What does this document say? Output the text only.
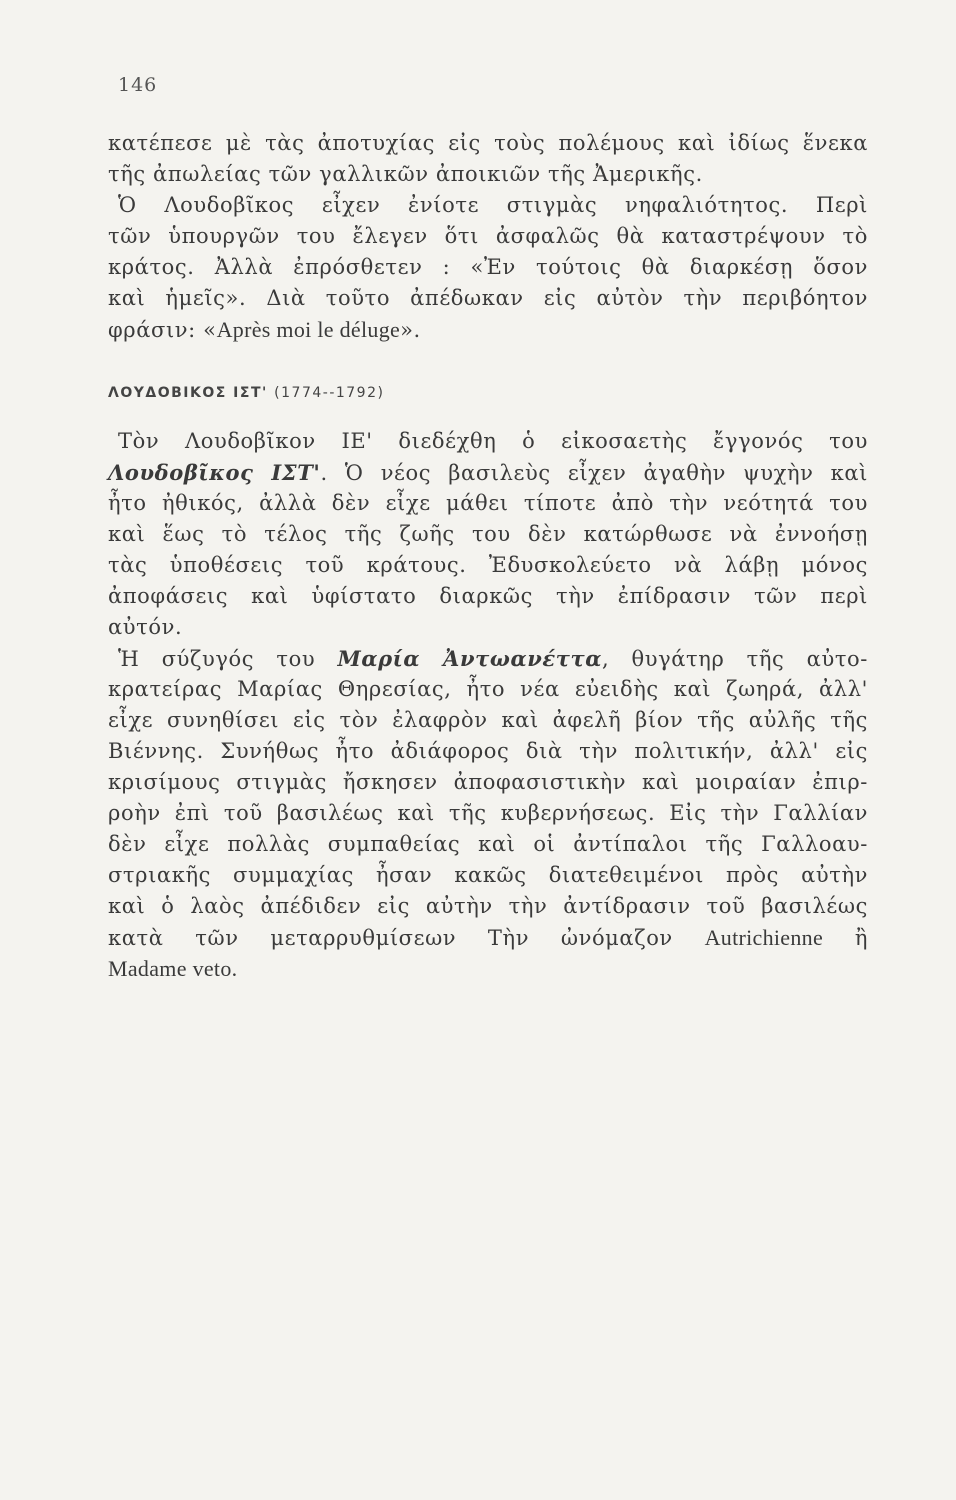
146
κατέπεσε μὲ τὰς ἀποτυχίας εἰς τοὺς πολέμους καὶ ἰδίως ἕνεκα
τῆς ἀπωλείας τῶν γαλλικῶν ἀποικιῶν τῆς Ἀμερικῆς.
Ὁ Λουδοβῖκος εἶχεν ἐνίοτε στιγμὰς νηφαλιότητος. Περὶ
τῶν ὑπουργῶν του ἔλεγεν ὅτι ἀσφαλῶς θὰ καταστρέψουν τὸ
κράτος. Ἀλλὰ ἐπρόσθετεν : «Ἐν τούτοις θὰ διαρκέσῃ ὅσον
καὶ ἡμεῖς». Διὰ τοῦτο ἀπέδωκαν εἰς αὐτὸν τὴν περιβόητον
φράσιν: «Après moi le déluge».
ΛΟΥΔΟΒΙΚΟΣ ΙΣΤ' (1774--1792)
Τὸν Λουδοβῖκον ΙΕ' διεδέχθη ὁ εἰκοσαετὴς ἔγγονός του
Λουδοβῖκος ΙΣΤ'. Ὁ νέος βασιλεὺς εἶχεν ἀγαθὴν ψυχὴν καὶ
ἦτο ἠθικός, ἀλλὰ δὲν εἶχε μάθει τίποτε ἀπὸ τὴν νεότητά του
καὶ ἕως τὸ τέλος τῆς ζωῆς του δὲν κατώρθωσε νὰ ἐννοήσῃ
τὰς ὑποθέσεις τοῦ κράτους. Ἐδυσκολεύετο νὰ λάβῃ μόνος
ἀποφάσεις καὶ ὑφίστατο διαρκῶς τὴν ἐπίδρασιν τῶν περὶ
αὐτόν.
Ἡ σύζυγός του Μαρία Ἀντωανέττα, θυγάτηρ τῆς αὐτο-
κρατείρας Μαρίας Θηρεσίας, ἦτο νέα εὐειδὴς καὶ ζωηρά, ἀλλ'
εἶχε συνηθίσει εἰς τὸν ἐλαφρὸν καὶ ἀφελῆ βίον τῆς αὐλῆς τῆς
Βιέννης. Συνήθως ἦτο ἀδιάφορος διὰ τὴν πολιτικήν, ἀλλ' εἰς
κρισίμους στιγμὰς ἤσκησεν ἀποφασιστικὴν καὶ μοιραίαν ἐπιρ-
ροὴν ἐπὶ τοῦ βασιλέως καὶ τῆς κυβερνήσεως. Εἰς τὴν Γαλλίαν
δὲν εἶχε πολλὰς συμπαθείας καὶ οἱ ἀντίπαλοι τῆς Γαλλοαυ-
στριακῆς συμμαχίας ἦσαν κακῶς διατεθειμένοι πρὸς αὐτὴν
καὶ ὁ λαὸς ἀπέδιδεν εἰς αὐτὴν τὴν ἀντίδρασιν τοῦ βασιλέως
κατὰ τῶν μεταρρυθμίσεων Τὴν ὠνόμαζον Autrichienne ἢ
Madame veto.
